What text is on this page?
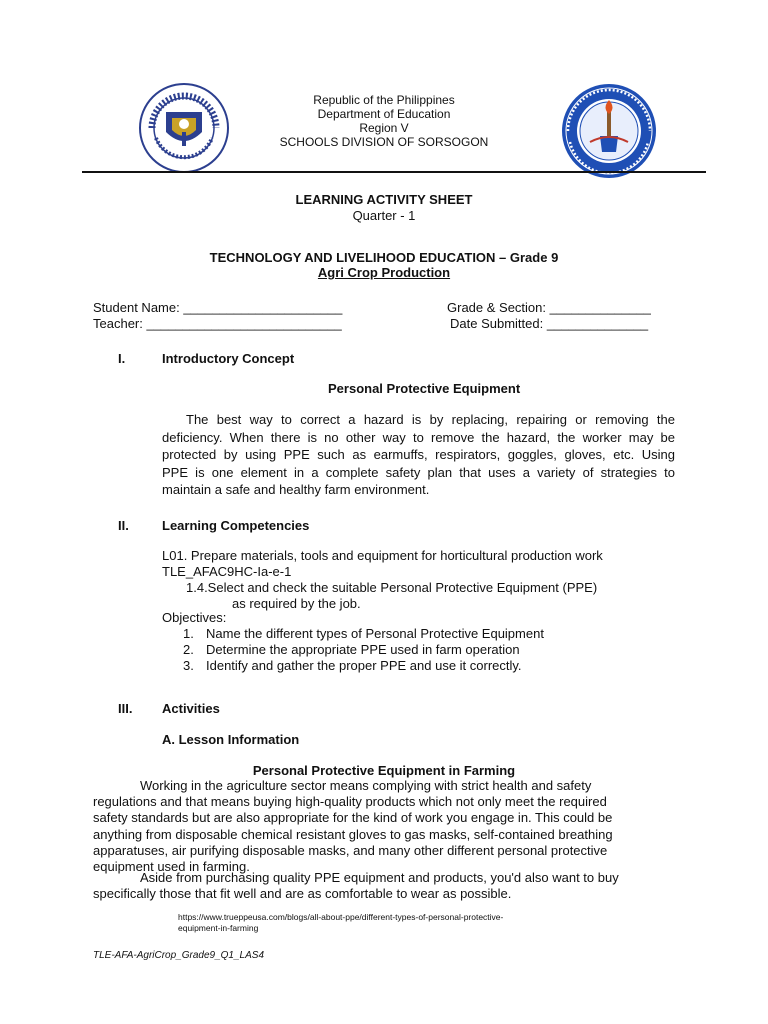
Republic of the Philippines
Department of Education
Region V
SCHOOLS DIVISION OF SORSOGON
LEARNING ACTIVITY SHEET
Quarter - 1
TECHNOLOGY AND LIVELIHOOD EDUCATION – Grade 9
Agri Crop Production
Student Name: ______________________
Teacher: ___________________________
Grade & Section: ______________
Date Submitted: ______________
I.	Introductory Concept
Personal Protective Equipment
The best way to correct a hazard is by replacing, repairing or removing the
deficiency. When there is no other way to remove the hazard, the worker may be
protected by using PPE such as earmuffs, respirators, goggles, gloves, etc. Using
PPE is one element in a complete safety plan that uses a variety of strategies to
maintain a safe and healthy farm environment.
II.	Learning Competencies
L01. Prepare materials, tools and equipment for horticultural production work
TLE_AFAC9HC-Ia-e-1
1.4.Select and check the suitable Personal Protective Equipment (PPE)
as required by the job.
Objectives:
1. Name the different types of Personal Protective Equipment
2. Determine the appropriate PPE used in farm operation
3. Identify and gather the proper PPE and use it correctly.
III. Activities
A. Lesson Information
Personal Protective Equipment in Farming
Working in the agriculture sector means complying with strict health and safety
regulations and that means buying high-quality products which not only meet the required
safety standards but are also appropriate for the kind of work you engage in. This could be
anything from disposable chemical resistant gloves to gas masks, self-contained breathing
apparatuses, air purifying disposable masks, and many other different personal protective
equipment used in farming.
Aside from purchasing quality PPE equipment and products, you'd also want to buy
specifically those that fit well and are as comfortable to wear as possible.
https://www.trueppeusa.com/blogs/all-about-ppe/different-types-of-personal-protective-
equipment-in-farming
TLE-AFA-AgriCrop_Grade9_Q1_LAS4
